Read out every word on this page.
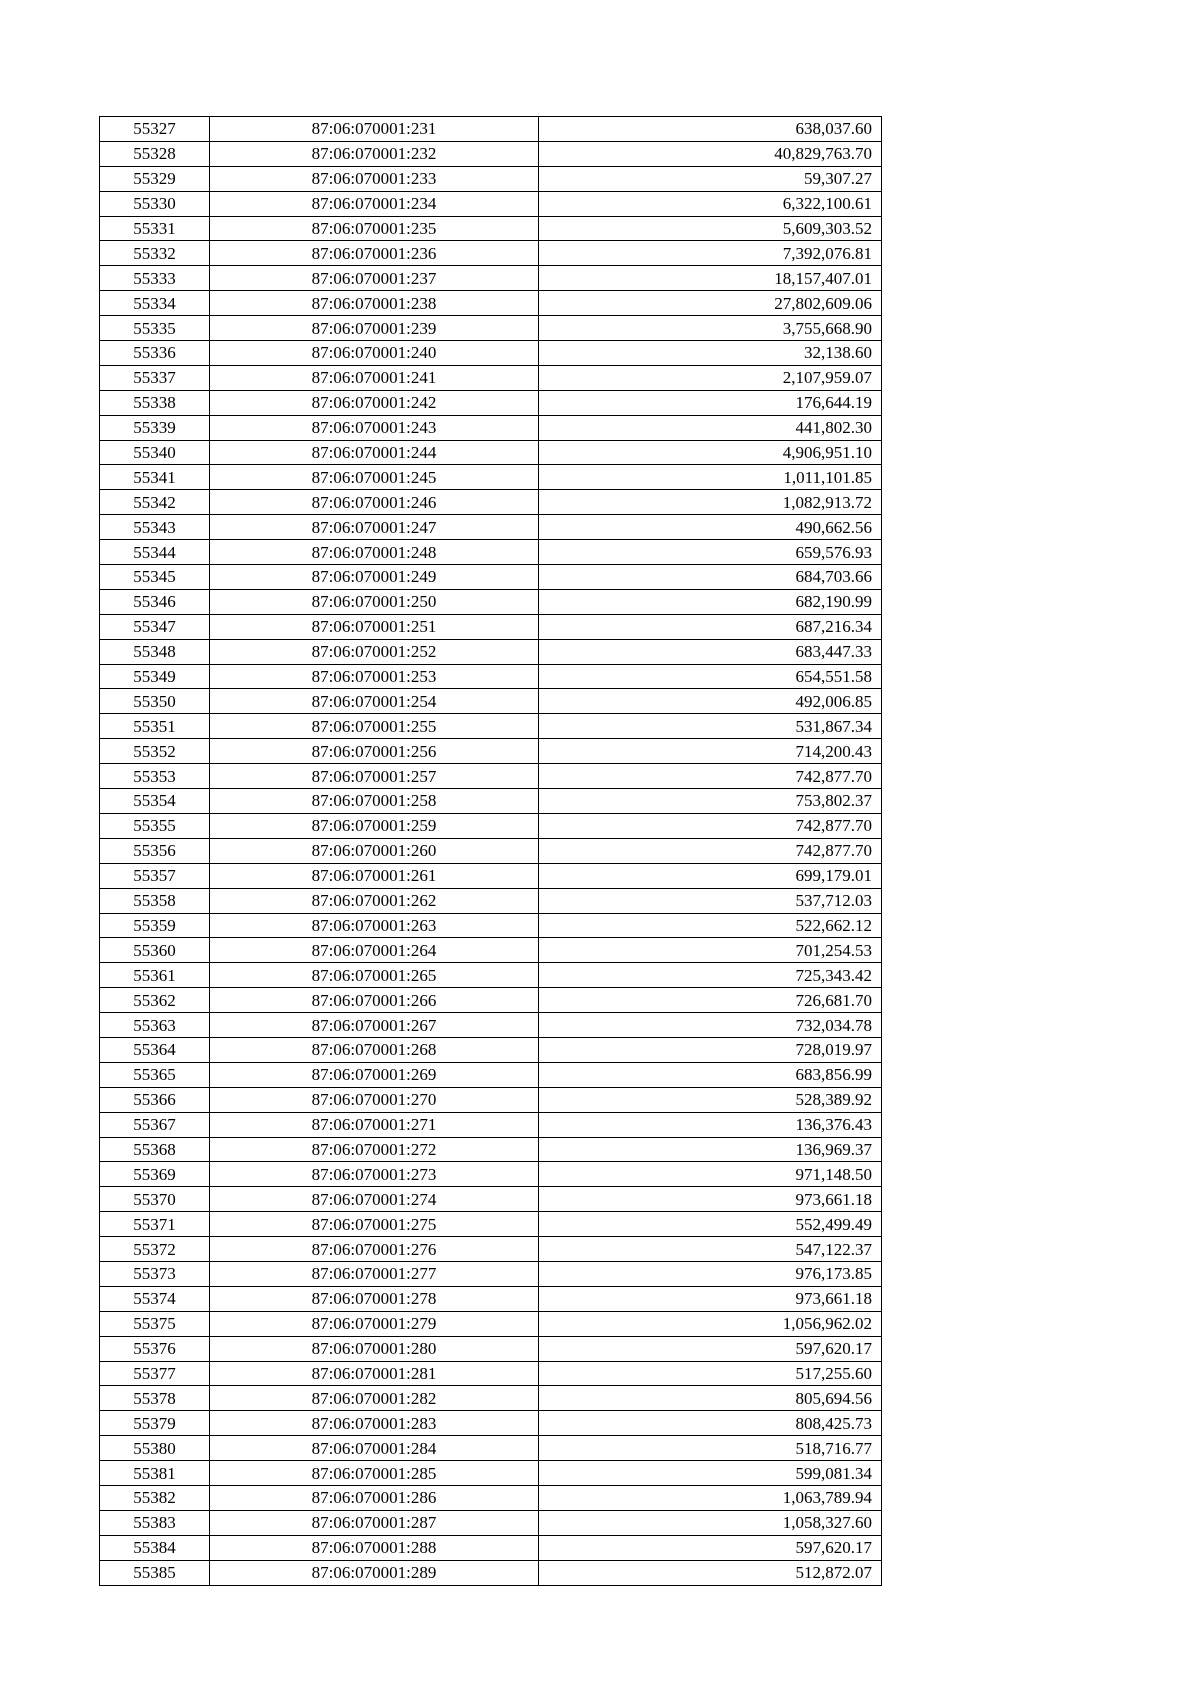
55327	87:06:070001:231	638,037.60
55328	87:06:070001:232	40,829,763.70
55329	87:06:070001:233	59,307.27
55330	87:06:070001:234	6,322,100.61
55331	87:06:070001:235	5,609,303.52
55332	87:06:070001:236	7,392,076.81
55333	87:06:070001:237	18,157,407.01
55334	87:06:070001:238	27,802,609.06
55335	87:06:070001:239	3,755,668.90
55336	87:06:070001:240	32,138.60
55337	87:06:070001:241	2,107,959.07
55338	87:06:070001:242	176,644.19
55339	87:06:070001:243	441,802.30
55340	87:06:070001:244	4,906,951.10
55341	87:06:070001:245	1,011,101.85
55342	87:06:070001:246	1,082,913.72
55343	87:06:070001:247	490,662.56
55344	87:06:070001:248	659,576.93
55345	87:06:070001:249	684,703.66
55346	87:06:070001:250	682,190.99
55347	87:06:070001:251	687,216.34
55348	87:06:070001:252	683,447.33
55349	87:06:070001:253	654,551.58
55350	87:06:070001:254	492,006.85
55351	87:06:070001:255	531,867.34
55352	87:06:070001:256	714,200.43
55353	87:06:070001:257	742,877.70
55354	87:06:070001:258	753,802.37
55355	87:06:070001:259	742,877.70
55356	87:06:070001:260	742,877.70
55357	87:06:070001:261	699,179.01
55358	87:06:070001:262	537,712.03
55359	87:06:070001:263	522,662.12
55360	87:06:070001:264	701,254.53
55361	87:06:070001:265	725,343.42
55362	87:06:070001:266	726,681.70
55363	87:06:070001:267	732,034.78
55364	87:06:070001:268	728,019.97
55365	87:06:070001:269	683,856.99
55366	87:06:070001:270	528,389.92
55367	87:06:070001:271	136,376.43
55368	87:06:070001:272	136,969.37
55369	87:06:070001:273	971,148.50
55370	87:06:070001:274	973,661.18
55371	87:06:070001:275	552,499.49
55372	87:06:070001:276	547,122.37
55373	87:06:070001:277	976,173.85
55374	87:06:070001:278	973,661.18
55375	87:06:070001:279	1,056,962.02
55376	87:06:070001:280	597,620.17
55377	87:06:070001:281	517,255.60
55378	87:06:070001:282	805,694.56
55379	87:06:070001:283	808,425.73
55380	87:06:070001:284	518,716.77
55381	87:06:070001:285	599,081.34
55382	87:06:070001:286	1,063,789.94
55383	87:06:070001:287	1,058,327.60
55384	87:06:070001:288	597,620.17
55385	87:06:070001:289	512,872.07
